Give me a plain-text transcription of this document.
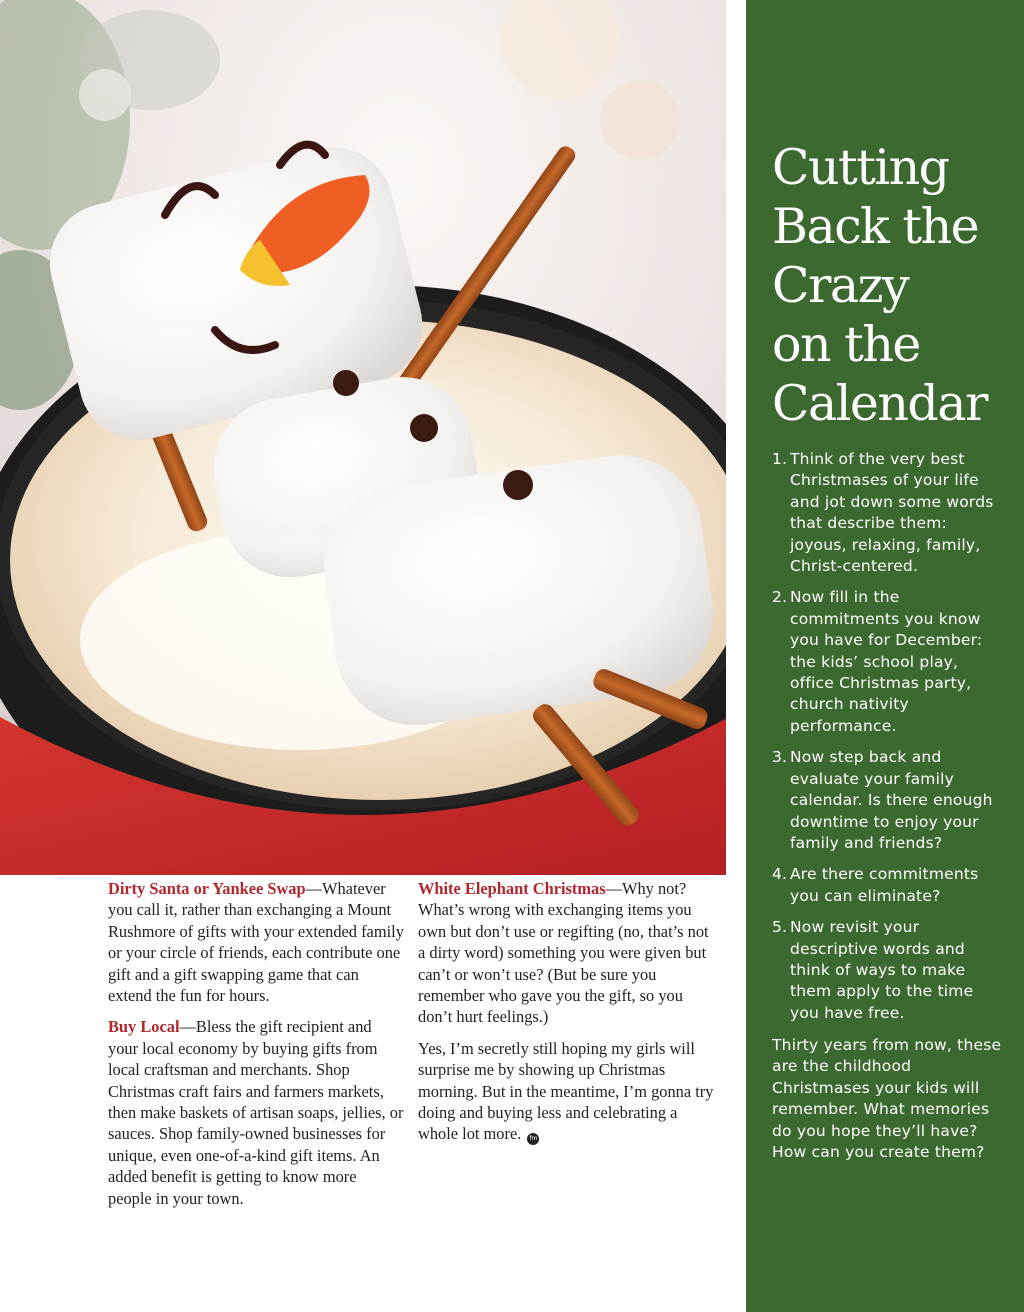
Dirty Santa or Yankee Swap—Whatever you call it, rather than exchanging a Mount Rushmore of gifts with your extended family or your circle of friends, each contribute one gift and a gift swapping game that can extend the fun for hours.

Buy Local—Bless the gift recipient and your local economy by buying gifts from local craftsman and merchants. Shop Christmas craft fairs and farmers markets, then make baskets of artisan soaps, jellies, or sauces. Shop family-owned businesses for unique, even one-of-a-kind gift items. An added benefit is getting to know more people in your town.

White Elephant Christmas—Why not? What’s wrong with exchanging items you own but don’t use or regifting (no, that’s not a dirty word) something you were given but can’t or won’t use? (But be sure you remember who gave you the gift, so you don’t hurt feelings.)

Yes, I’m secretly still hoping my girls will surprise me by showing up Christmas morning. But in the meantime, I’m gonna try doing and buying less and celebrating a whole lot more. fm

Cutting
Back the
Crazy
on the
Calendar
1. Think of the very best Christmases of your life and jot down some words that describe them: joyous, relaxing, family, Christ-centered.
2. Now fill in the commitments you know you have for December: the kids’ school play, office Christmas party, church nativity performance.
3. Now step back and evaluate your family calendar. Is there enough downtime to enjoy your family and friends?
4. Are there commitments you can eliminate?
5. Now revisit your descriptive words and think of ways to make them apply to the time you have free.

Thirty years from now, these are the childhood Christmases your kids will remember. What memories do you hope they’ll have? How can you create them?
